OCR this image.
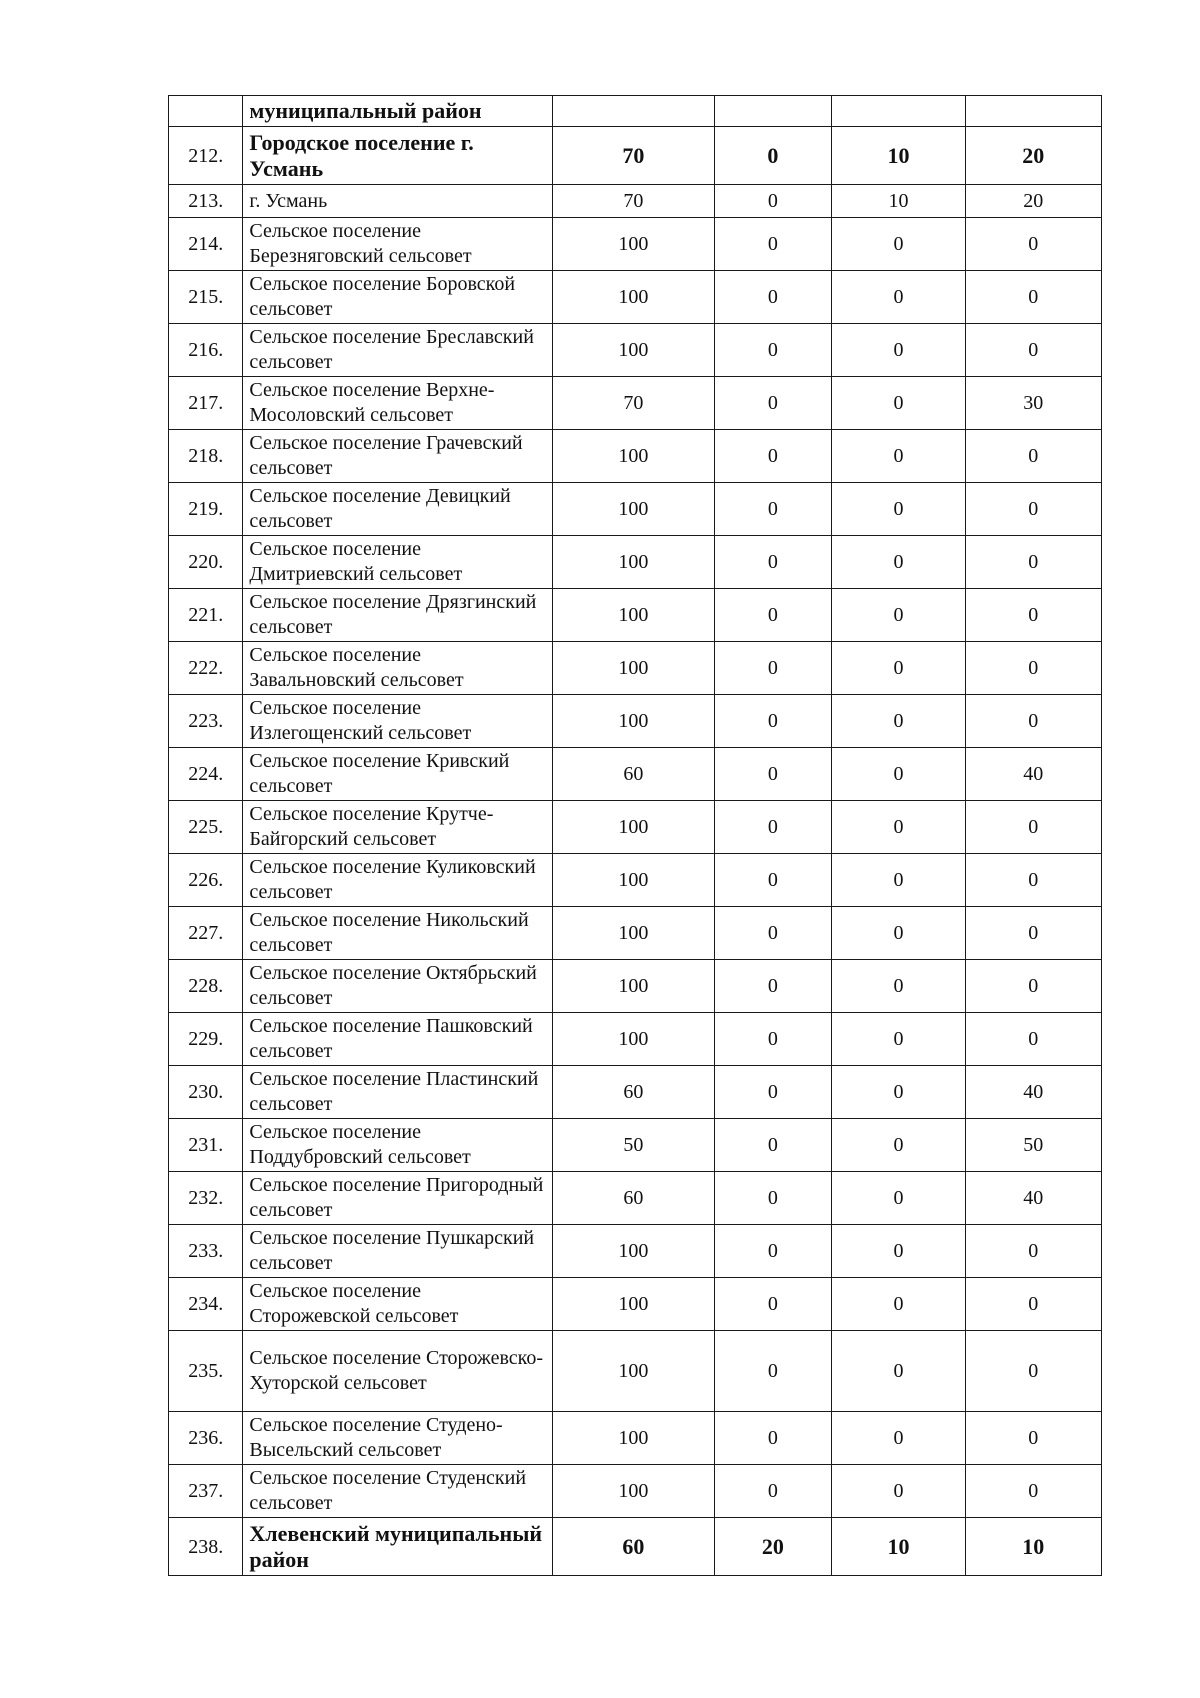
	муниципальный район				
212.	Городское поселение г. Усмань	70	0	10	20
213.	г. Усмань	70	0	10	20
214.	Сельское поселение Березняговский сельсовет	100	0	0	0
215.	Сельское поселение Боровской сельсовет	100	0	0	0
216.	Сельское поселение Бреславский сельсовет	100	0	0	0
217.	Сельское поселение Верхне-Мосоловский сельсовет	70	0	0	30
218.	Сельское поселение Грачевский сельсовет	100	0	0	0
219.	Сельское поселение Девицкий сельсовет	100	0	0	0
220.	Сельское поселение Дмитриевский сельсовет	100	0	0	0
221.	Сельское поселение Дрязгинский сельсовет	100	0	0	0
222.	Сельское поселение Завальновский сельсовет	100	0	0	0
223.	Сельское поселение Излегощенский сельсовет	100	0	0	0
224.	Сельское поселение Кривский сельсовет	60	0	0	40
225.	Сельское поселение Крутче-Байгорский сельсовет	100	0	0	0
226.	Сельское поселение Куликовский сельсовет	100	0	0	0
227.	Сельское поселение Никольский сельсовет	100	0	0	0
228.	Сельское поселение Октябрьский сельсовет	100	0	0	0
229.	Сельское поселение Пашковский сельсовет	100	0	0	0
230.	Сельское поселение Пластинский сельсовет	60	0	0	40
231.	Сельское поселение Поддубровский сельсовет	50	0	0	50
232.	Сельское поселение Пригородный сельсовет	60	0	0	40
233.	Сельское поселение Пушкарский сельсовет	100	0	0	0
234.	Сельское поселение Сторожевской сельсовет	100	0	0	0
235.	Сельское поселение Сторожевско-Хуторской сельсовет	100	0	0	0
236.	Сельское поселение Студено-Высельский сельсовет	100	0	0	0
237.	Сельское поселение Студенский сельсовет	100	0	0	0
238.	Хлевенский муниципальный район	60	20	10	10
